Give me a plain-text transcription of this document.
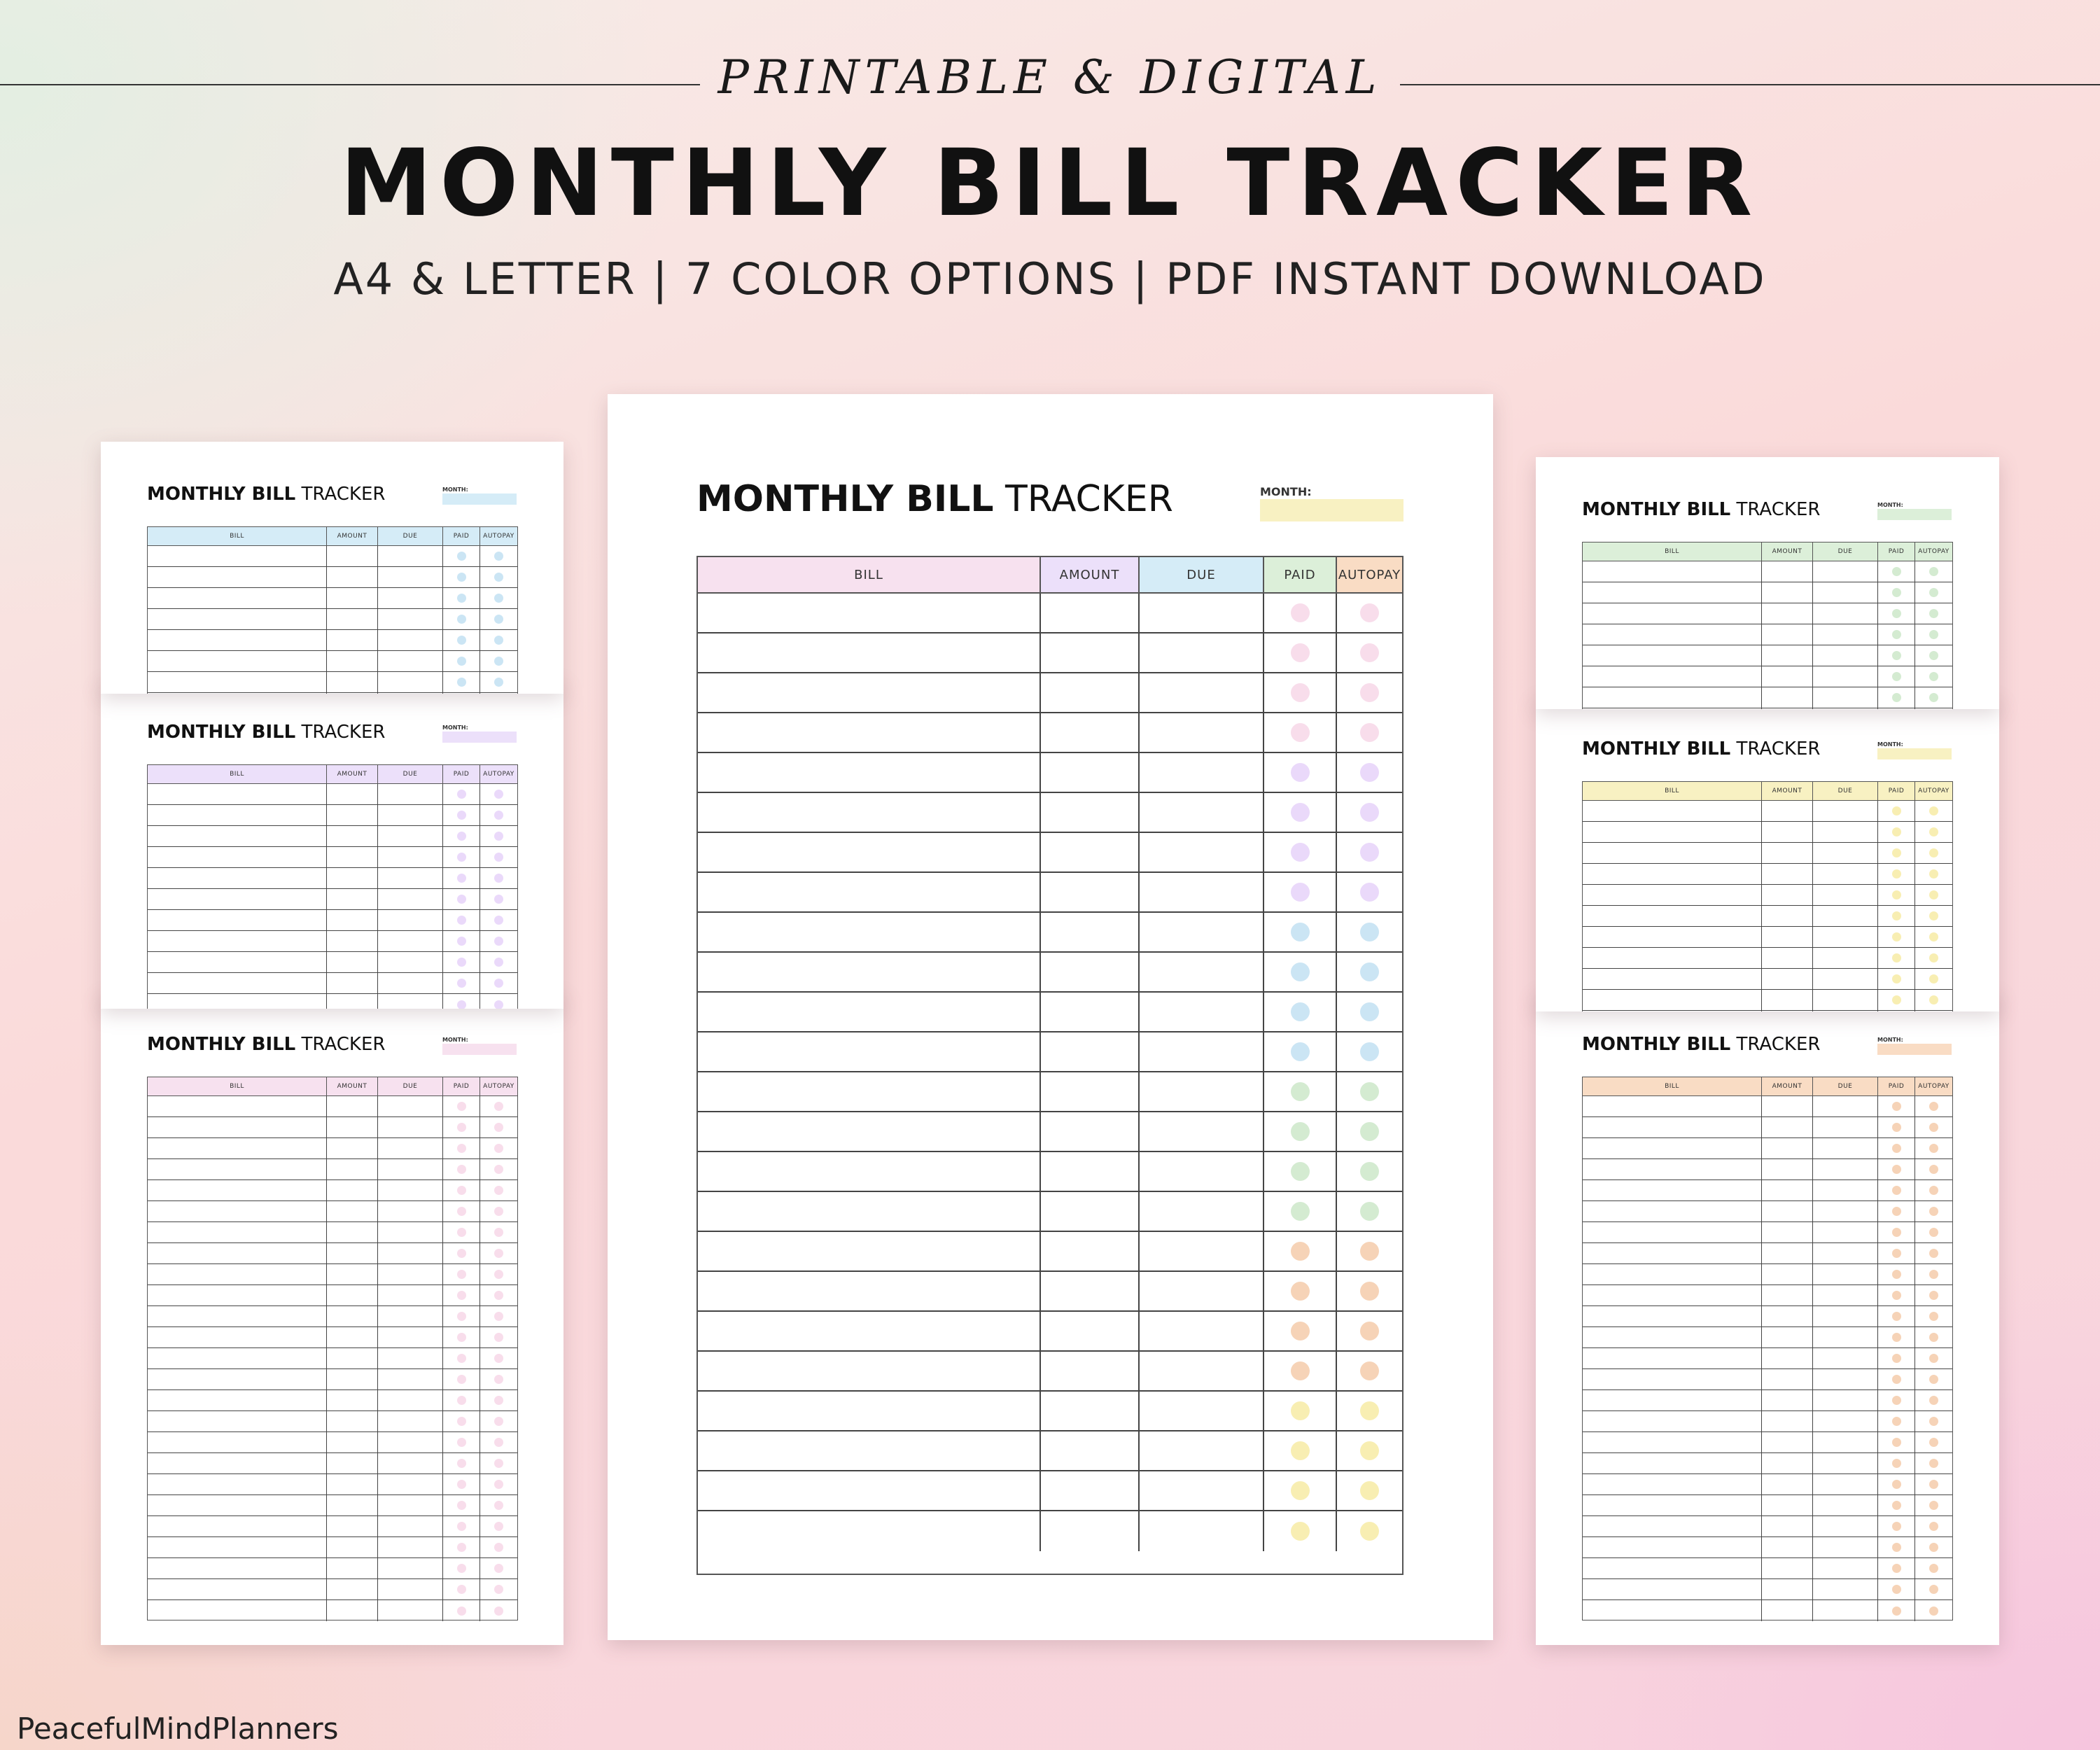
PRINTABLE & DIGITAL
MONTHLY BILL TRACKER
A4 & LETTER | 7 COLOR OPTIONS | PDF INSTANT DOWNLOAD
MONTHLY BILL TRACKER	MONTH:
BILL	AMOUNT	DUE	PAID	AUTOPAY
MONTHLY BILL TRACKER	MONTH:
BILL	AMOUNT	DUE	PAID	AUTOPAY
MONTHLY BILL TRACKER	MONTH:
BILL	AMOUNT	DUE	PAID	AUTOPAY
MONTHLY BILL TRACKER	MONTH:
BILL	AMOUNT	DUE	PAID	AUTOPAY
MONTHLY BILL TRACKER	MONTH:
BILL	AMOUNT	DUE	PAID	AUTOPAY
MONTHLY BILL TRACKER	MONTH:
BILL	AMOUNT	DUE	PAID	AUTOPAY
MONTHLY BILL TRACKER	MONTH:
BILL	AMOUNT	DUE	PAID	AUTOPAY
PeacefulMindPlanners
